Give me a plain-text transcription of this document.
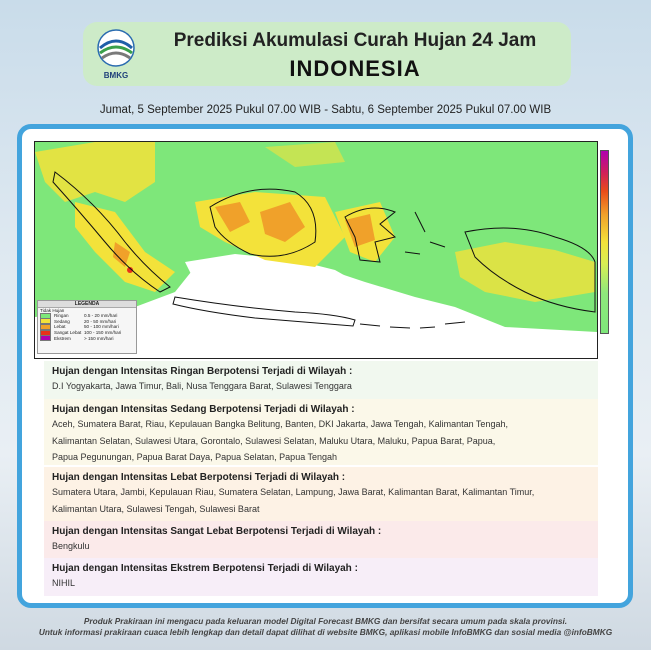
BMKG
Prediksi Akumulasi Curah Hujan 24 Jam
INDONESIA
Jumat, 5 September 2025 Pukul 07.00 WIB - Sabtu, 6 September 2025 Pukul 07.00 WIB
LEGENDA
Tidak Hujan
Ringan	0.5 - 20 mm/hari
Sedang	20 - 50 mm/hari
Lebat	50 - 100 mm/hari
Sangat Lebat 100 - 150 mm/hari
Ekstrem	> 150 mm/hari
Hujan dengan Intensitas Ringan Berpotensi Terjadi di Wilayah :
D.I Yogyakarta, Jawa Timur, Bali, Nusa Tenggara Barat, Sulawesi Tenggara
Hujan dengan Intensitas Sedang Berpotensi Terjadi di Wilayah :
Aceh, Sumatera Barat, Riau, Kepulauan Bangka Belitung, Banten, DKI Jakarta, Jawa Tengah, Kalimantan Tengah,
Kalimantan Selatan, Sulawesi Utara, Gorontalo, Sulawesi Selatan, Maluku Utara, Maluku, Papua Barat, Papua,
Papua Pegunungan, Papua Barat Daya, Papua Selatan, Papua Tengah
Hujan dengan Intensitas Lebat Berpotensi Terjadi di Wilayah :
Sumatera Utara, Jambi, Kepulauan Riau, Sumatera Selatan, Lampung, Jawa Barat, Kalimantan Barat, Kalimantan Timur,
Kalimantan Utara, Sulawesi Tengah, Sulawesi Barat
Hujan dengan Intensitas Sangat Lebat Berpotensi Terjadi di Wilayah :
Bengkulu
Hujan dengan Intensitas Ekstrem Berpotensi Terjadi di Wilayah :
NIHIL
Produk Prakiraan ini mengacu pada keluaran model Digital Forecast BMKG dan bersifat secara umum pada skala provinsi.
Untuk informasi prakiraan cuaca lebih lengkap dan detail dapat dilihat di website BMKG, aplikasi mobile InfoBMKG dan sosial media @infoBMKG
